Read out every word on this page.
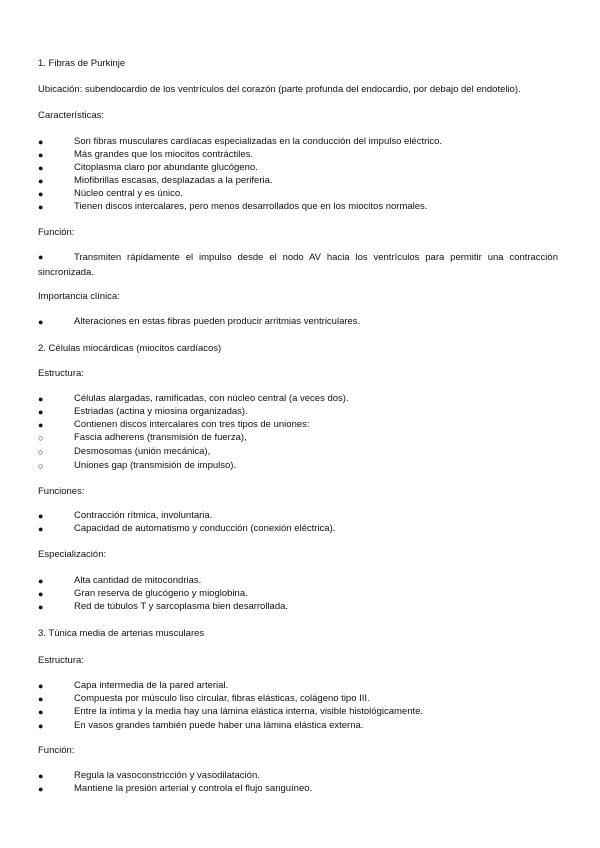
1. Fibras de Purkinje
Ubicación: subendocardio de los ventrículos del corazón (parte profunda del endocardio, por debajo del endotelio).
Características:
●	Son fibras musculares cardíacas especializadas en la conducción del impulso eléctrico.
●	Más grandes que los miocitos contráctiles.
●	Citoplasma claro por abundante glucógeno.
●	Miofibrillas escasas, desplazadas a la periferia.
●	Núcleo central y es único.
●	Tienen discos intercalares, pero menos desarrollados que en los miocitos normales.
Función:
●	Transmiten rápidamente el impulso desde el nodo AV hacia los ventrículos para permitir una contracción sincronizada.
Importancia clínica:
●	Alteraciones en estas fibras pueden producir arritmias ventriculares.
2. Células miocárdicas (miocitos cardíacos)
Estructura:
●	Células alargadas, ramificadas, con núcleo central (a veces dos).
●	Estriadas (actina y miosina organizadas).
●	Contienen discos intercalares con tres tipos de uniones:
○	Fascia adherens (transmisión de fuerza),
○	Desmosomas (unión mecánica),
○	Uniones gap (transmisión de impulso).
Funciones:
●	Contracción rítmica, involuntaria.
●	Capacidad de automatismo y conducción (conexión eléctrica).
Especialización:
●	Alta cantidad de mitocondrias.
●	Gran reserva de glucógeno y mioglobina.
●	Red de túbulos T y sarcoplasma bien desarrollada.
3. Túnica media de arterias musculares
Estructura:
●	Capa intermedia de la pared arterial.
●	Compuesta por músculo liso circular, fibras elásticas, colágeno tipo III.
●	Entre la íntima y la media hay una lámina elástica interna, visible histológicamente.
●	En vasos grandes también puede haber una lámina elástica externa.
Función:
●	Regula la vasoconstricción y vasodilatación.
●	Mantiene la presión arterial y controla el flujo sanguíneo.
